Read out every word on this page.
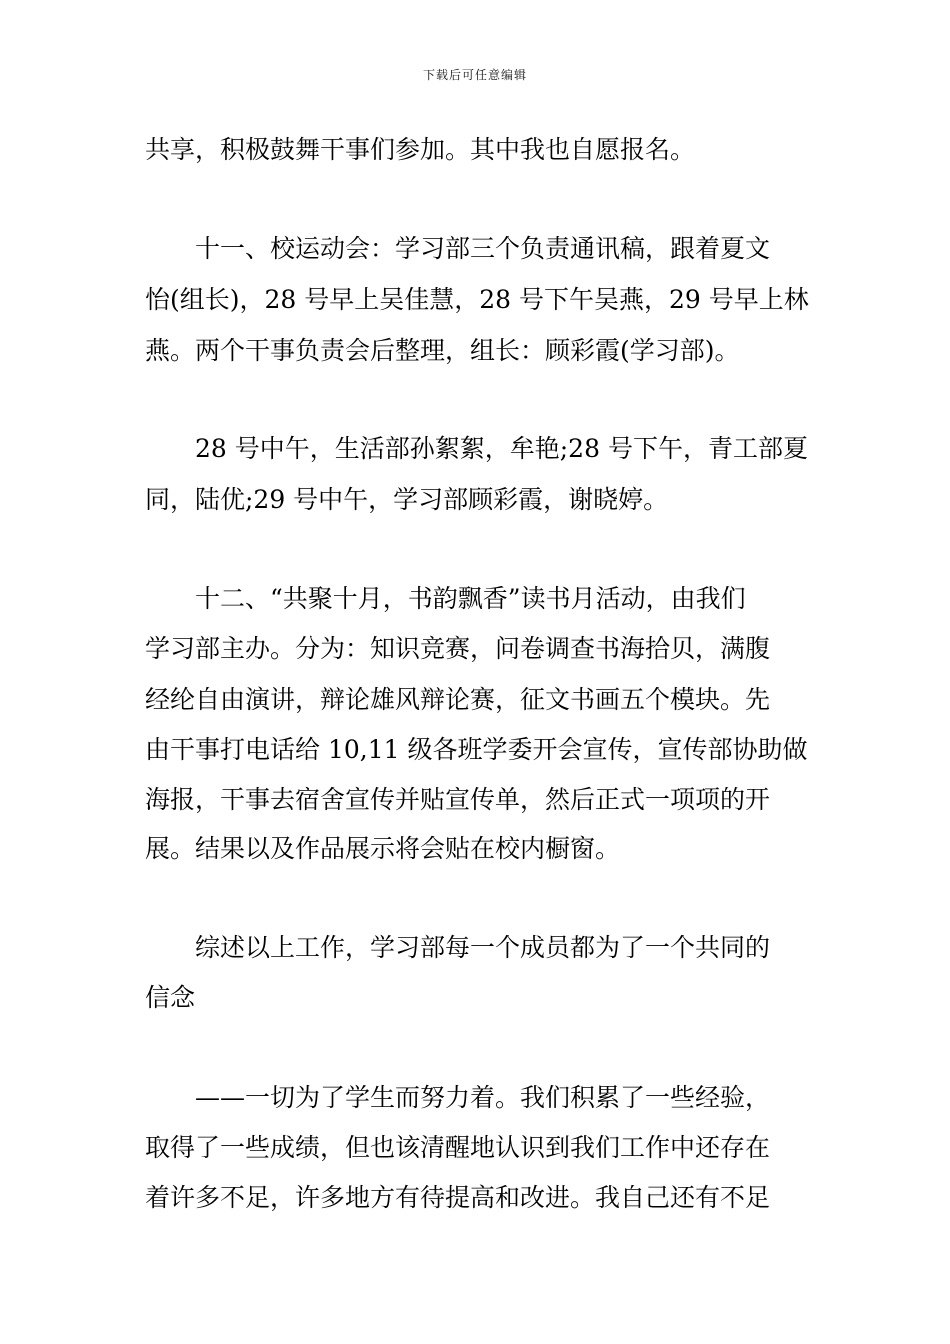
下载后可任意编辑
共享，积极鼓舞干事们参加。其中我也自愿报名。
十一、校运动会：学习部三个负责通讯稿，跟着夏文
怡(组长)，28 号早上吴佳慧，28 号下午吴燕，29 号早上林
燕。两个干事负责会后整理，组长：顾彩霞(学习部)。
28 号中午，生活部孙絮絮，牟艳;28 号下午，青工部夏
同，陆优;29 号中午，学习部顾彩霞，谢晓婷。
十二、“共聚十月，书韵飘香”读书月活动，由我们
学习部主办。分为：知识竞赛，问卷调查书海拾贝，满腹
经纶自由演讲，辩论雄风辩论赛，征文书画五个模块。先
由干事打电话给 10,11 级各班学委开会宣传，宣传部协助做
海报，干事去宿舍宣传并贴宣传单，然后正式一项项的开
展。结果以及作品展示将会贴在校内橱窗。
综述以上工作，学习部每一个成员都为了一个共同的
信念
——一切为了学生而努力着。我们积累了一些经验，
取得了一些成绩，但也该清醒地认识到我们工作中还存在
着许多不足，许多地方有待提高和改进。我自己还有不足
